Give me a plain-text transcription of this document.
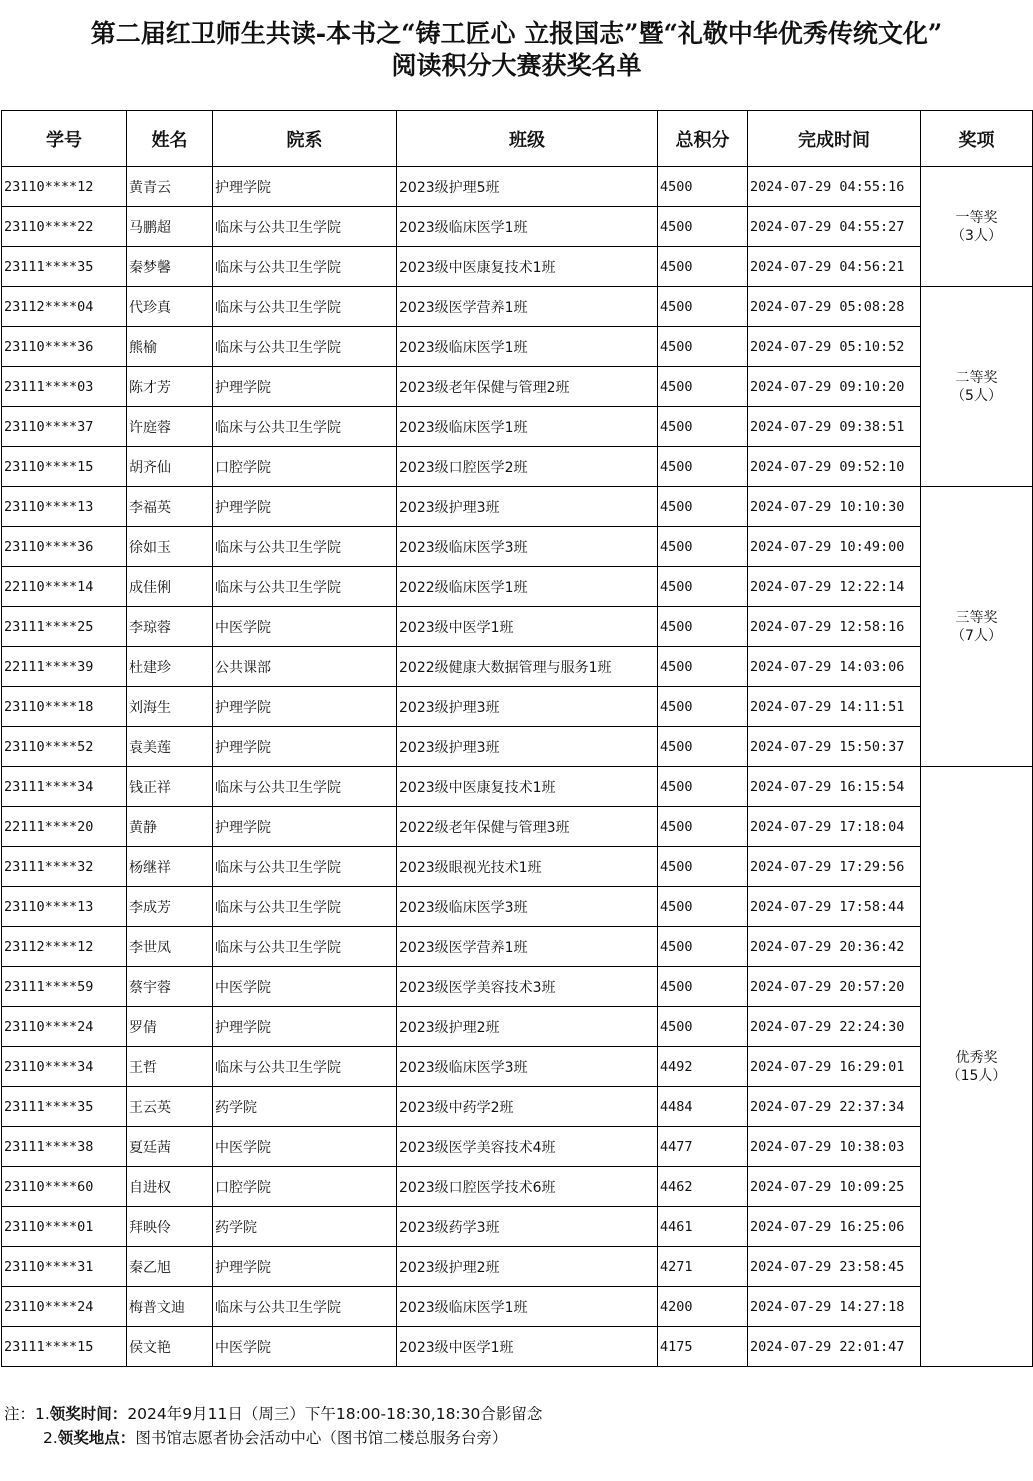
第二届红卫师生共读-本书之“铸工匠心 立报国志”暨“礼敬中华优秀传统文化”
阅读积分大赛获奖名单
学号	姓名	院系	班级	总积分	完成时间	奖项
23110****12	黄青云	护理学院	2023级护理5班	4500	2024-07-29 04:55:16	一等奖
（3人）

23110****22	马鹏超	临床与公共卫生学院	2023级临床医学1班	4500	2024-07-29 04:55:27	
23111****35	秦梦馨	临床与公共卫生学院	2023级中医康复技术1班	4500	2024-07-29 04:56:21	
23112****04	代珍真	临床与公共卫生学院	2023级医学营养1班	4500	2024-07-29 05:08:28	二等奖
（5人）

23110****36	熊榆	临床与公共卫生学院	2023级临床医学1班	4500	2024-07-29 05:10:52	
23111****03	陈才芳	护理学院	2023级老年保健与管理2班	4500	2024-07-29 09:10:20	
23110****37	许庭蓉	临床与公共卫生学院	2023级临床医学1班	4500	2024-07-29 09:38:51	
23110****15	胡齐仙	口腔学院	2023级口腔医学2班	4500	2024-07-29 09:52:10	
23110****13	李福英	护理学院	2023级护理3班	4500	2024-07-29 10:10:30	三等奖
（7人）

23110****36	徐如玉	临床与公共卫生学院	2023级临床医学3班	4500	2024-07-29 10:49:00	
22110****14	成佳俐	临床与公共卫生学院	2022级临床医学1班	4500	2024-07-29 12:22:14	
23111****25	李琼蓉	中医学院	2023级中医学1班	4500	2024-07-29 12:58:16	
22111****39	杜建珍	公共课部	2022级健康大数据管理与服务1班	4500	2024-07-29 14:03:06	
23110****18	刘海生	护理学院	2023级护理3班	4500	2024-07-29 14:11:51	
23110****52	袁美莲	护理学院	2023级护理3班	4500	2024-07-29 15:50:37	
23111****34	钱正祥	临床与公共卫生学院	2023级中医康复技术1班	4500	2024-07-29 16:15:54	优秀奖
（15人）

22111****20	黄静	护理学院	2022级老年保健与管理3班	4500	2024-07-29 17:18:04	
23111****32	杨继祥	临床与公共卫生学院	2023级眼视光技术1班	4500	2024-07-29 17:29:56	
23110****13	李成芳	临床与公共卫生学院	2023级临床医学3班	4500	2024-07-29 17:58:44	
23112****12	李世凤	临床与公共卫生学院	2023级医学营养1班	4500	2024-07-29 20:36:42	
23111****59	蔡宇蓉	中医学院	2023级医学美容技术3班	4500	2024-07-29 20:57:20	
23110****24	罗倩	护理学院	2023级护理2班	4500	2024-07-29 22:24:30	
23110****34	王哲	临床与公共卫生学院	2023级临床医学3班	4492	2024-07-29 16:29:01	
23111****35	王云英	药学院	2023级中药学2班	4484	2024-07-29 22:37:34	
23111****38	夏廷茜	中医学院	2023级医学美容技术4班	4477	2024-07-29 10:38:03	
23110****60	自进权	口腔学院	2023级口腔医学技术6班	4462	2024-07-29 10:09:25	
23110****01	拜映伶	药学院	2023级药学3班	4461	2024-07-29 16:25:06	
23110****31	秦乙旭	护理学院	2023级护理2班	4271	2024-07-29 23:58:45	
23110****24	梅普文迪	临床与公共卫生学院	2023级临床医学1班	4200	2024-07-29 14:27:18	
23111****15	侯文艳	中医学院	2023级中医学1班	4175	2024-07-29 22:01:47	
注：1.领奖时间：2024年9月11日（周三）下午18:00-18:30,18:30合影留念
2.领奖地点：图书馆志愿者协会活动中心（图书馆二楼总服务台旁）
